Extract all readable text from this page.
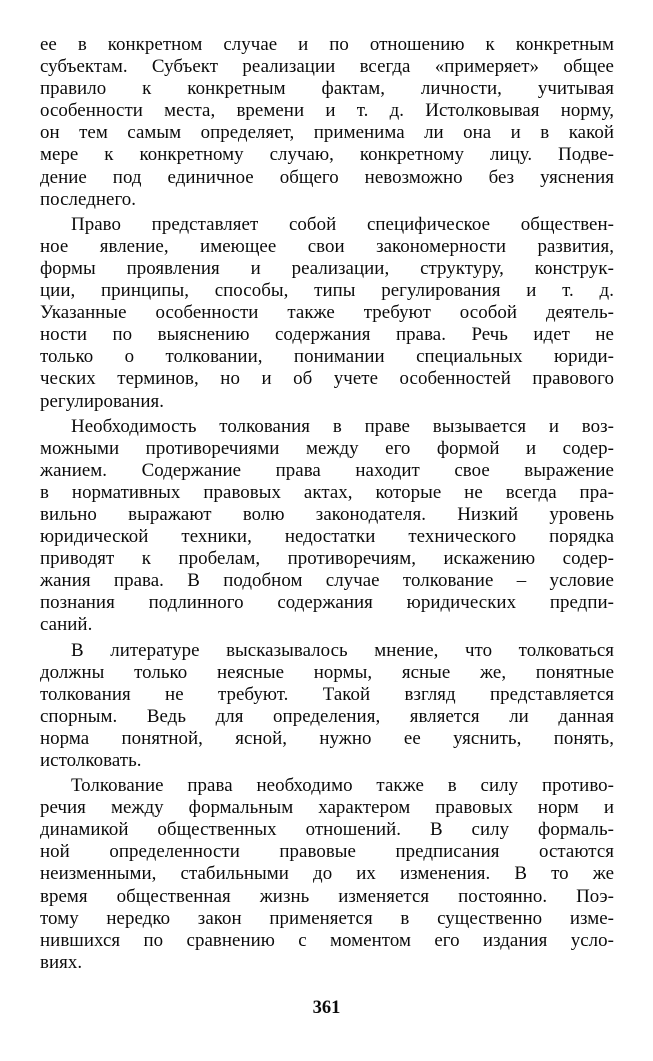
ее в конкретном случае и по отношению к конкретным
субъектам. Субъект реализации всегда «примеряет» общее
правило к конкретным фактам, личности, учитывая
особенности места, времени и т. д. Истолковывая норму,
он тем самым определяет, применима ли она и в какой
мере к конкретному случаю, конкретному лицу. Подве-
дение под единичное общего невозможно без уяснения
последнего.
Право представляет собой специфическое обществен-
ное явление, имеющее свои закономерности развития,
формы проявления и реализации, структуру, конструк-
ции, принципы, способы, типы регулирования и т. д.
Указанные особенности также требуют особой деятель-
ности по выяснению содержания права. Речь идет не
только о толковании, понимании специальных юриди-
ческих терминов, но и об учете особенностей правового
регулирования.
Необходимость толкования в праве вызывается и воз-
можными противоречиями между его формой и содер-
жанием. Содержание права находит свое выражение
в нормативных правовых актах, которые не всегда пра-
вильно выражают волю законодателя. Низкий уровень
юридической техники, недостатки технического порядка
приводят к пробелам, противоречиям, искажению содер-
жания права. В подобном случае толкование – условие
познания подлинного содержания юридических предпи-
саний.
В литературе высказывалось мнение, что толковаться
должны только неясные нормы, ясные же, понятные
толкования не требуют. Такой взгляд представляется
спорным. Ведь для определения, является ли данная
норма понятной, ясной, нужно ее уяснить, понять,
истолковать.
Толкование права необходимо также в силу противо-
речия между формальным характером правовых норм и
динамикой общественных отношений. В силу формаль-
ной определенности правовые предписания остаются
неизменными, стабильными до их изменения. В то же
время общественная жизнь изменяется постоянно. Поэ-
тому нередко закон применяется в существенно изме-
нившихся по сравнению с моментом его издания усло-
виях.
361
